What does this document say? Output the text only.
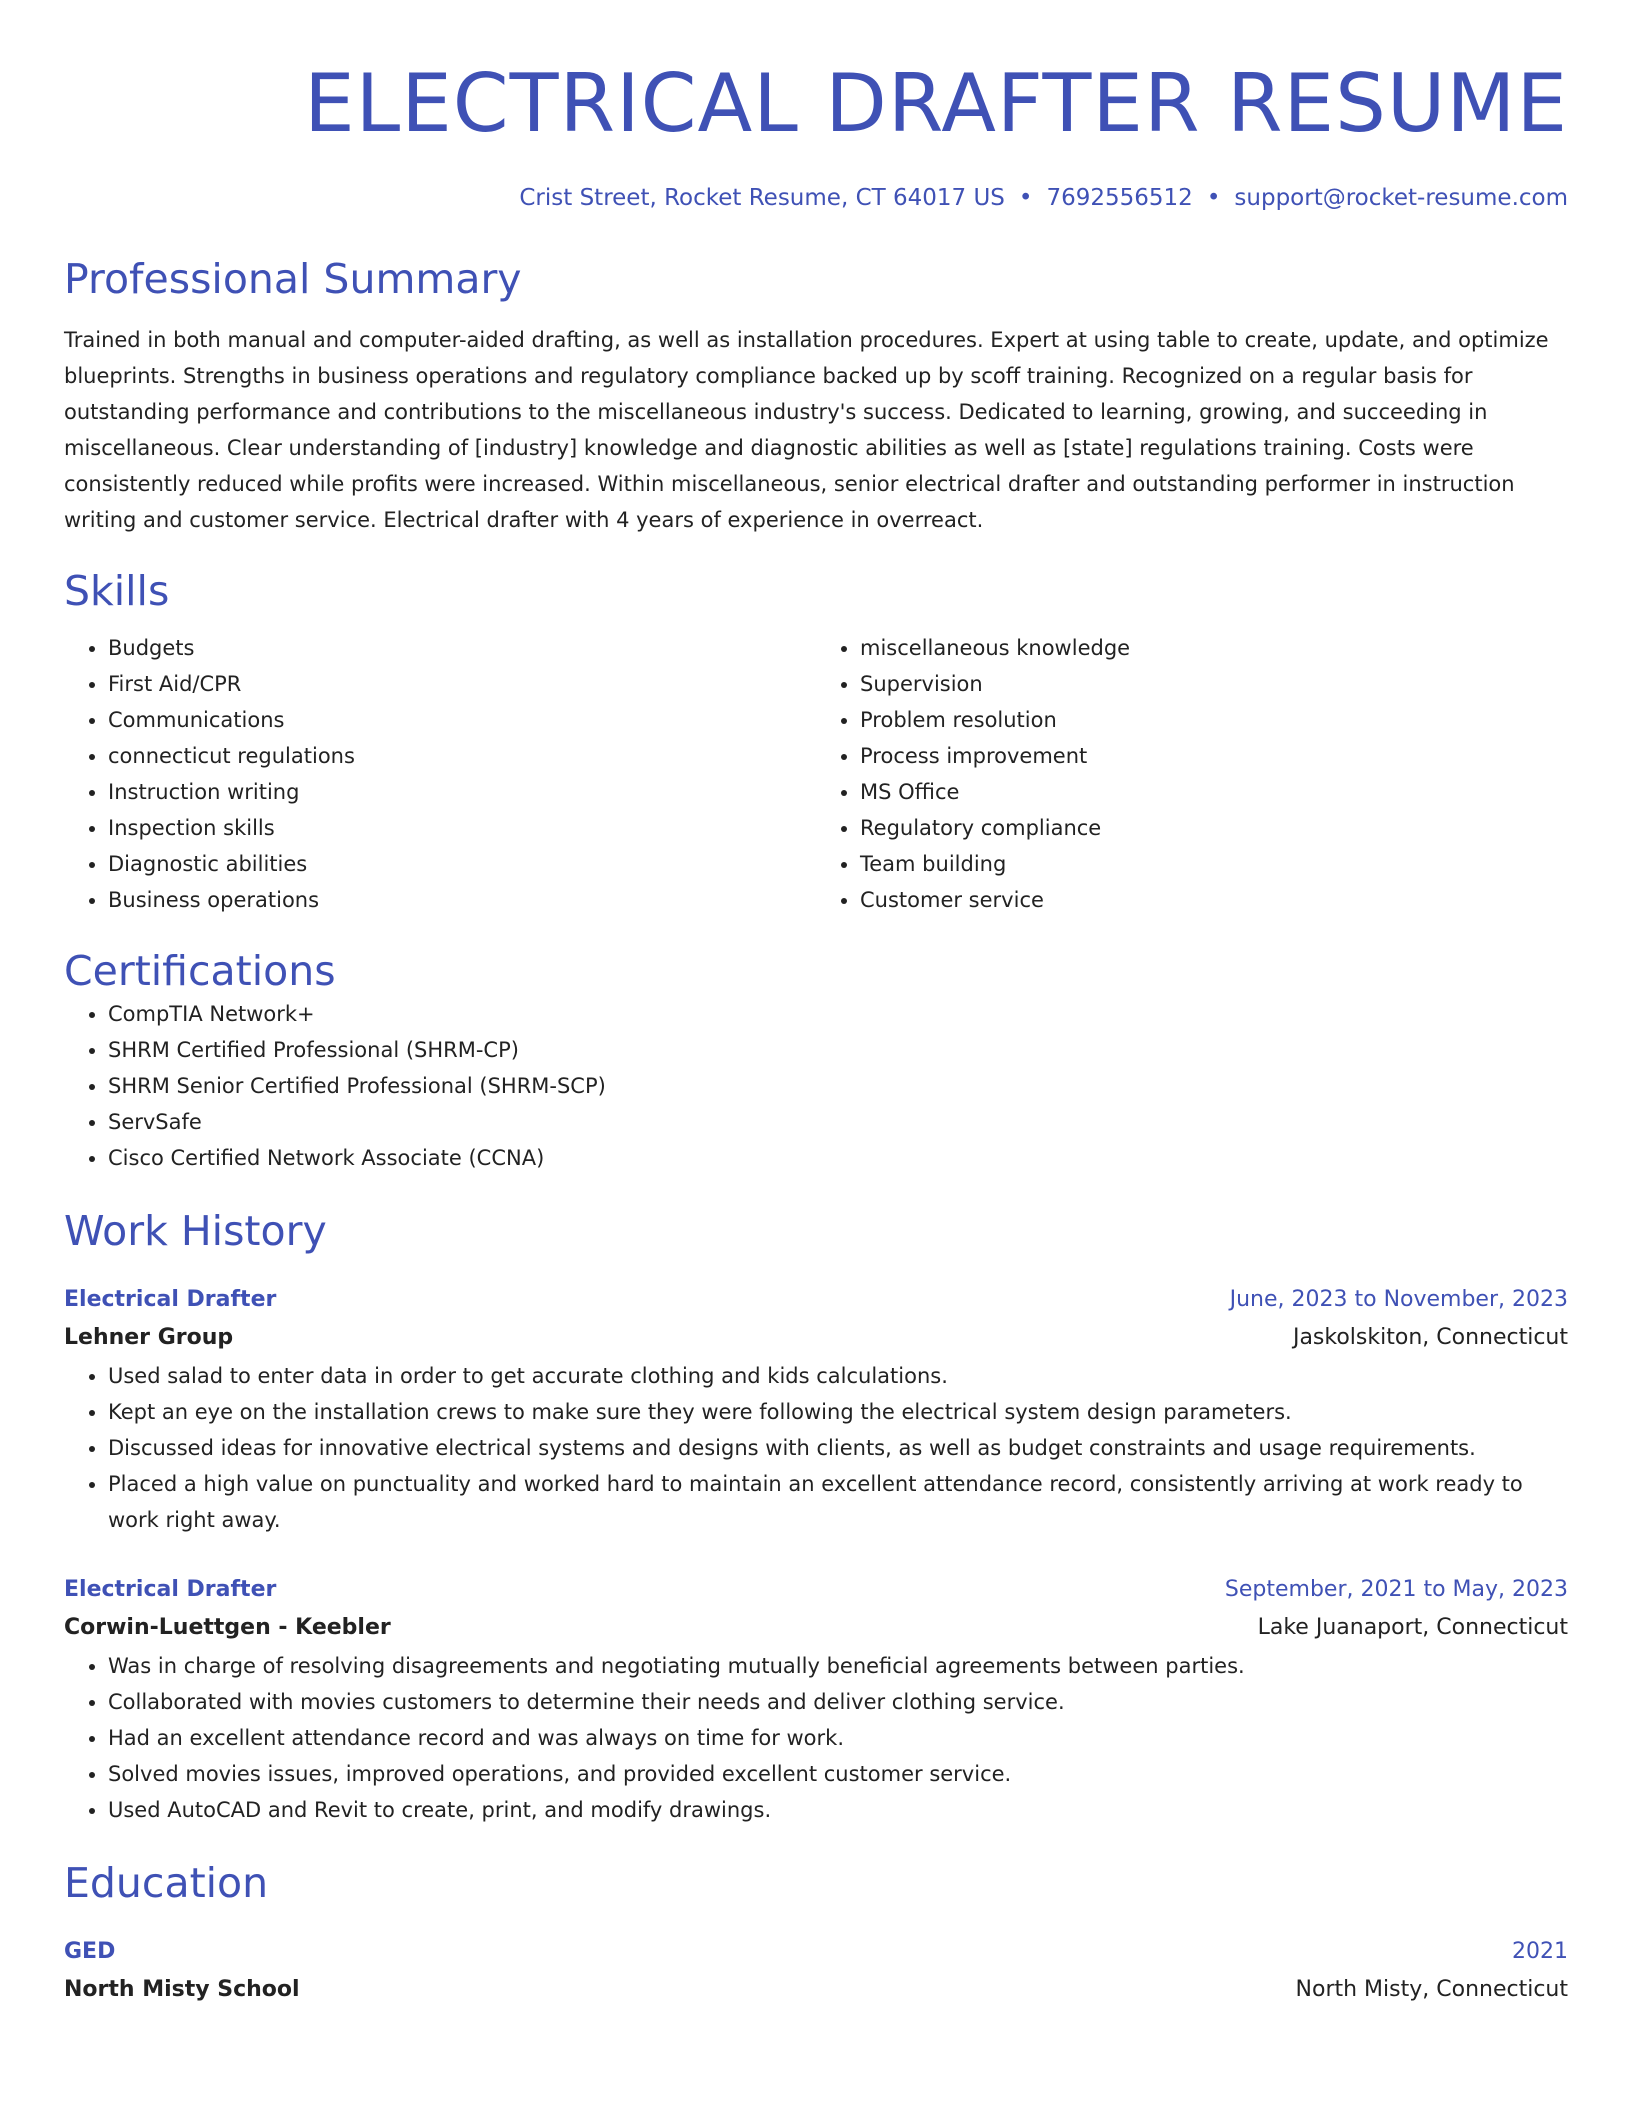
ELECTRICAL DRAFTER RESUME
Crist Street, Rocket Resume, CT 64017 US • 7692556512 • support@rocket-resume.com
Professional Summary
Trained in both manual and computer-aided drafting, as well as installation procedures. Expert at using table to create, update, and optimize blueprints. Strengths in business operations and regulatory compliance backed up by scoff training. Recognized on a regular basis for outstanding performance and contributions to the miscellaneous industry's success. Dedicated to learning, growing, and succeeding in miscellaneous. Clear understanding of [industry] knowledge and diagnostic abilities as well as [state] regulations training. Costs were consistently reduced while profits were increased. Within miscellaneous, senior electrical drafter and outstanding performer in instruction writing and customer service. Electrical drafter with 4 years of experience in overreact.
Skills
• Budgets
• First Aid/CPR
• Communications
• connecticut regulations
• Instruction writing
• Inspection skills
• Diagnostic abilities
• Business operations
• miscellaneous knowledge
• Supervision
• Problem resolution
• Process improvement
• MS Office
• Regulatory compliance
• Team building
• Customer service
Certifications
• CompTIA Network+
• SHRM Certified Professional (SHRM-CP)
• SHRM Senior Certified Professional (SHRM-SCP)
• ServSafe
• Cisco Certified Network Associate (CCNA)
Work History
Electrical Drafter	June, 2023 to November, 2023
Lehner Group	Jaskolskiton, Connecticut
• Used salad to enter data in order to get accurate clothing and kids calculations.
• Kept an eye on the installation crews to make sure they were following the electrical system design parameters.
• Discussed ideas for innovative electrical systems and designs with clients, as well as budget constraints and usage requirements.
• Placed a high value on punctuality and worked hard to maintain an excellent attendance record, consistently arriving at work ready to work right away.
Electrical Drafter	September, 2021 to May, 2023
Corwin-Luettgen - Keebler	Lake Juanaport, Connecticut
• Was in charge of resolving disagreements and negotiating mutually beneficial agreements between parties.
• Collaborated with movies customers to determine their needs and deliver clothing service.
• Had an excellent attendance record and was always on time for work.
• Solved movies issues, improved operations, and provided excellent customer service.
• Used AutoCAD and Revit to create, print, and modify drawings.
Education
GED	2021
North Misty School	North Misty, Connecticut
